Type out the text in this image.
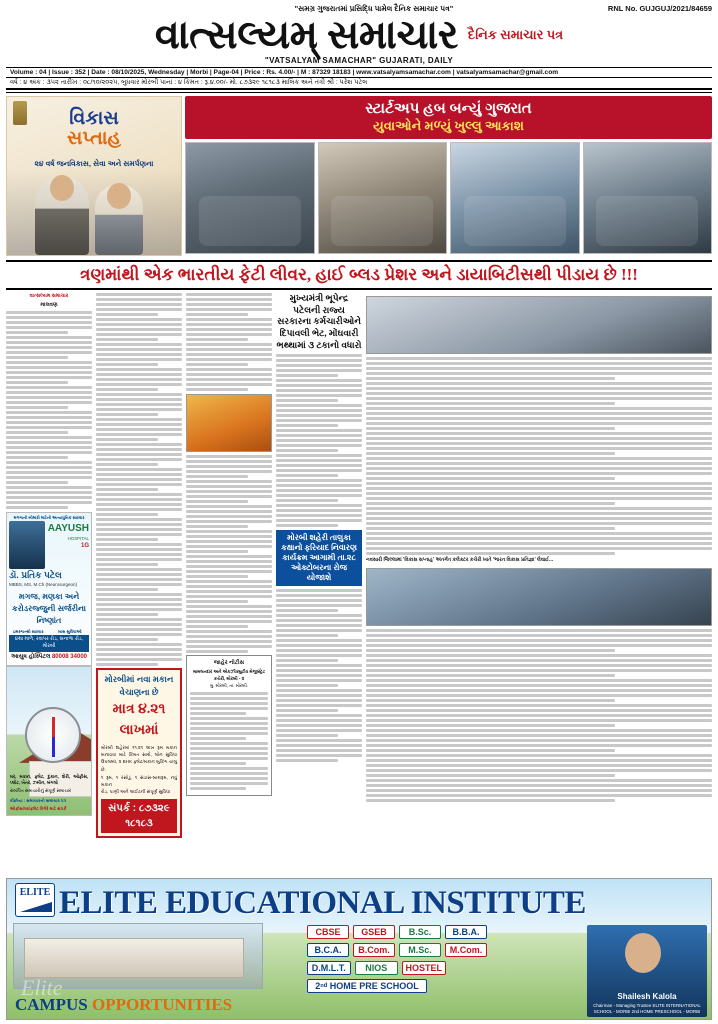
"સમગ્ર ગુજરાતમાં પ્રસિદ્ધિ પામેલ દૈનિક સમાચાર પત્ર"	RNL No. GUJGUJ/2021/84659
વાત્સલ્યમ્ સમાચાર દૈનિક સમાચાર પત્ર
"VATSALYAM SAMACHAR" GUJARATI, DAILY
Volume : 04 | Issue : 352 | Date : 08/10/2025, Wednesday | Morbi | Page-04 | Price : Rs. 4.00/- | M : 87329 18183 | www.vatsalyamsamachar.com | vatsalyamsamachar@gmail.com
વર્ષ : ૪ અંક : ૩૫૨ તારીખ : ૦૮/૧૦/૨૦૨૫, બુધવાર મોરબી પાનાં : ૪ કિંમત : રૂ.૪.૦૦/- મો. ૮૭૩૨૯ ૧૮૧૮૩ માલિક અને તંત્રી શ્રી : પરેશ પટેલ
વિકાસ
સપ્તાહ
૨૪ વર્ષ જનવિકાસ, સેવા અને સમર્પણના
સ્ટાર્ટઅપ હબ બન્યું ગુજરાત
યુવાઓને મળ્યું ખુલ્લુ આકાશ
ત્રણમાંથી એક ભારતીય ફેટી લીવર, હાઈ બ્લડ પ્રેશર અને ડાયાબિટીસથી પીડાય છે !!!
વાત્સલ્યમ સમાચાર
માલવણ
મગજની બીમારી માટેની અત્યાધુનિક સારવાર
AAYUSH
HOSPITAL
1G
ડૉ. પ્રતિક પટેલ
MBBS, MS, M.Ch (Neurosurgeon)
મગજ, મણકા અને કરોડરજ્જુની સર્જરીના નિષ્ણાંત
ઇમરજન્સી સારવાર	ખાસ સુવિધાઓ
૪થા માળે, રવાપર રોડ, સનાળા રોડ, મોરબી
આયુષ હોસ્પિટલ 80008 34000
ઘર, મકાન, ફ્લેટ, દુકાન, શેરી, ઓફીસ, પ્લોટ, ખેતર, ઝમીન, બંગલો
સંબંધિત સમાચારોનું સંપૂર્ણ સમાચાર
વીંછીયા : સમાચારની સમાચાર પત્ર
ઓફીસ/ઘર/ફ્લેટ વિગેરે માટે સંપર્ક
મોરબીમાં નવા મકાન વેચાણના છે
માત્ર ૪.૨૧ લાખમાં
મોરબી શહેરમાં ૧૧.૨૧ લાખ રૂમ મકાન બનાવવા માટે કિંમત સાથે, લોન સુવિધા ઉપલબ્ધ, ૨ BHK ફ્લેટ/મકાન બુકિંગ ચાલુ છે.
૧ રૂમ, ૧ રસોડું, ૧ સંડાસ-બાથરૂમ, નવું મકાન
રોડ, પાણી અને લાઈટની સંપૂર્ણ સુવિધા
સંપર્ક : ૮૭૩૨૯ ૧૮૧૮૩
જાહેર નોટીસ
મામલતદાર અને એકઝીક્યુટીવ મેજીસ્ટ્રેટ કચેરી, મોરબી - ૨
મુ. મોરબી, તા. મોરબી.
મુખ્યમંત્રી ભૂપેન્દ્ર પટેલની રાજ્ય સરકારના કર્મચારીઓને દિપાવલી ભેટ, મોંઘવારી ભથ્થામાં ૩ ટકાનો વધારો
મોરબી શહેરી તાલુકા કક્ષાનો ફરિયાદ નિવારણ કાર્યક્રમ આગામી તા.૨૮ ઓક્ટોબરના રોજ યોજાશે
નવસારી જિલ્લામાં 'વિકાસ સપ્તાહ' અંતર્ગત કલેક્ટર કચેરી ખાતે 'ભારત વિકાસ પ્રતિજ્ઞા' લેવાઈ...
ELITE ELITE EDUCATIONAL INSTITUTE
CBSE	GSEB	B.Sc.	B.B.A.
B.C.A.	B.Com.	M.Sc.	M.Com.
D.M.L.T.	NIOS	HOSTEL
2ⁿᵈ HOME PRE SCHOOL
Elite
CAMPUS OPPORTUNITIES	Shailesh Kalola
Chairman - Managing Trustee ELITE INTERNATIONAL SCHOOL - MORBI 2nd HOME PRESCHOOL - MORBI
